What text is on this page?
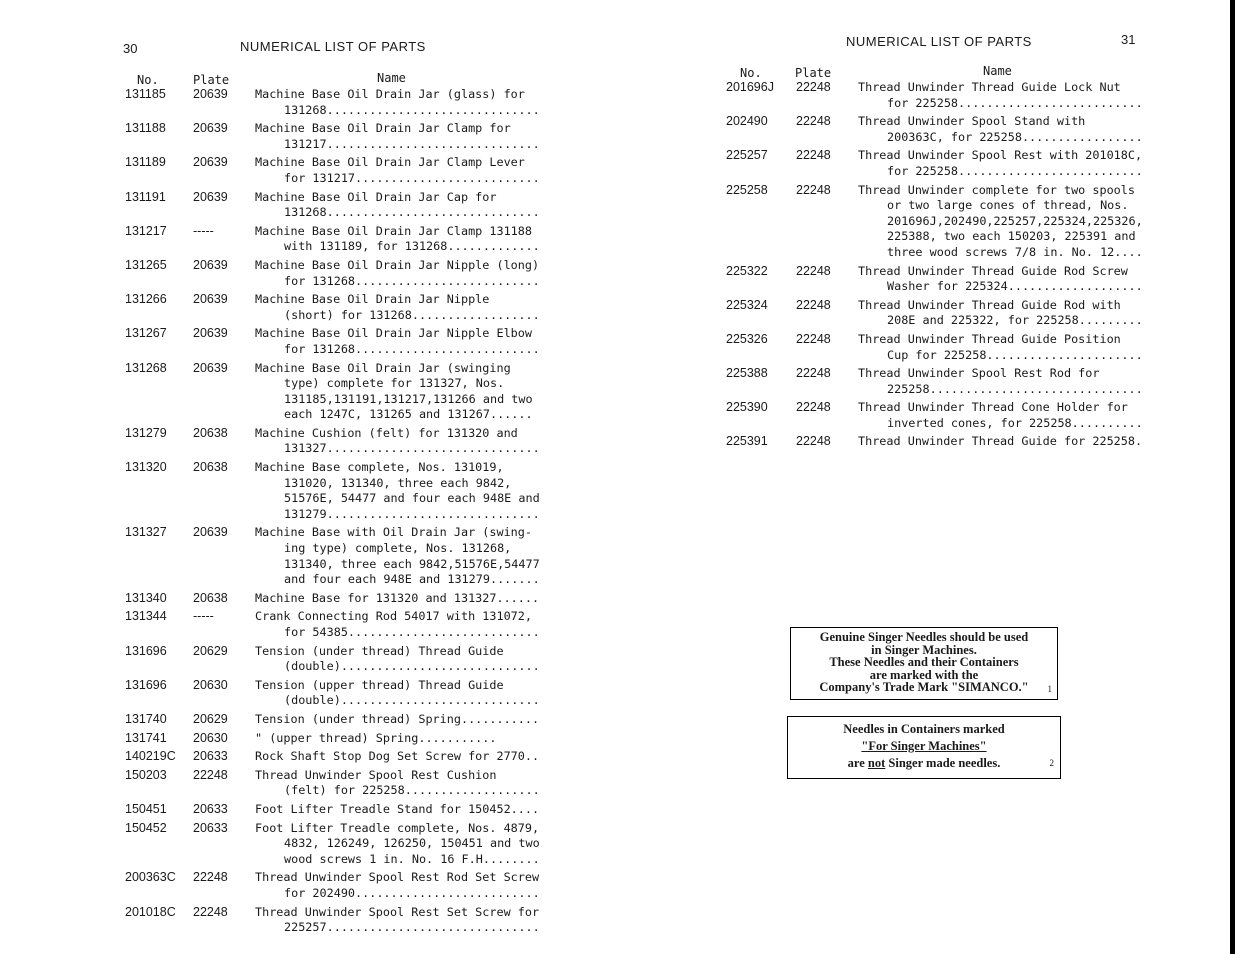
30	NUMERICAL LIST OF PARTS
No.	Plate	Name
131185 20639 Machine Base Oil Drain Jar (glass) for
131268..............................
131188 20639 Machine Base Oil Drain Jar Clamp for
131217..............................
131189 20639 Machine Base Oil Drain Jar Clamp Lever
for 131217..........................
131191 20639 Machine Base Oil Drain Jar Cap for
131268..............................
131217 -----	Machine Base Oil Drain Jar Clamp 131188
with 131189, for 131268.............
131265 20639 Machine Base Oil Drain Jar Nipple (long)
for 131268..........................
131266 20639 Machine Base Oil Drain Jar Nipple
(short) for 131268..................
131267 20639 Machine Base Oil Drain Jar Nipple Elbow
for 131268..........................
131268 20639 Machine Base Oil Drain Jar (swinging
type) complete for 131327, Nos.
131185,131191,131217,131266 and two
each 1247C, 131265 and 131267......
131279 20638 Machine Cushion (felt) for 131320 and
131327..............................
131320 20638 Machine Base complete, Nos. 131019,
131020, 131340, three each 9842,
51576E, 54477 and four each 948E and
131279..............................
131327 20639 Machine Base with Oil Drain Jar (swing-
ing type) complete, Nos. 131268,
131340, three each 9842,51576E,54477
and four each 948E and 131279.......
131340 20638 Machine Base for 131320 and 131327......
131344 -----	Crank Connecting Rod 54017 with 131072,
for 54385...........................
131696 20629 Tension (under thread) Thread Guide
(double)............................
131696 20630 Tension (upper thread) Thread Guide
(double)............................
131740 20629 Tension (under thread) Spring...........
131741 20630 " (upper thread) Spring...........
140219C 20633 Rock Shaft Stop Dog Set Screw for 2770..
150203 22248 Thread Unwinder Spool Rest Cushion
(felt) for 225258...................
150451 20633 Foot Lifter Treadle Stand for 150452....
150452 20633 Foot Lifter Treadle complete, Nos. 4879,
4832, 126249, 126250, 150451 and two
wood screws 1 in. No. 16 F.H........
200363C 22248 Thread Unwinder Spool Rest Rod Set Screw
for 202490..........................
201018C 22248 Thread Unwinder Spool Rest Set Screw for
225257..............................
NUMERICAL LIST OF PARTS	31
No.	Plate	Name
201696J 22248 Thread Unwinder Thread Guide Lock Nut
for 225258..........................
202490 22248 Thread Unwinder Spool Stand with
200363C, for 225258.................
225257 22248 Thread Unwinder Spool Rest with 201018C,
for 225258..........................
225258 22248 Thread Unwinder complete for two spools
or two large cones of thread, Nos.
201696J,202490,225257,225324,225326,
225388, two each 150203, 225391 and
three wood screws 7/8 in. No. 12....
225322 22248 Thread Unwinder Thread Guide Rod Screw
Washer for 225324...................
225324 22248 Thread Unwinder Thread Guide Rod with
208E and 225322, for 225258.........
225326 22248 Thread Unwinder Thread Guide Position
Cup for 225258......................
225388 22248 Thread Unwinder Spool Rest Rod for
225258..............................
225390 22248 Thread Unwinder Thread Cone Holder for
inverted cones, for 225258..........
225391 22248 Thread Unwinder Thread Guide for 225258.
Genuine Singer Needles should be used
in Singer Machines.
These Needles and their Containers
are marked with the
Company's Trade Mark "SIMANCO."	1
Needles in Containers marked
"For Singer Machines"
are not Singer made needles.	2
